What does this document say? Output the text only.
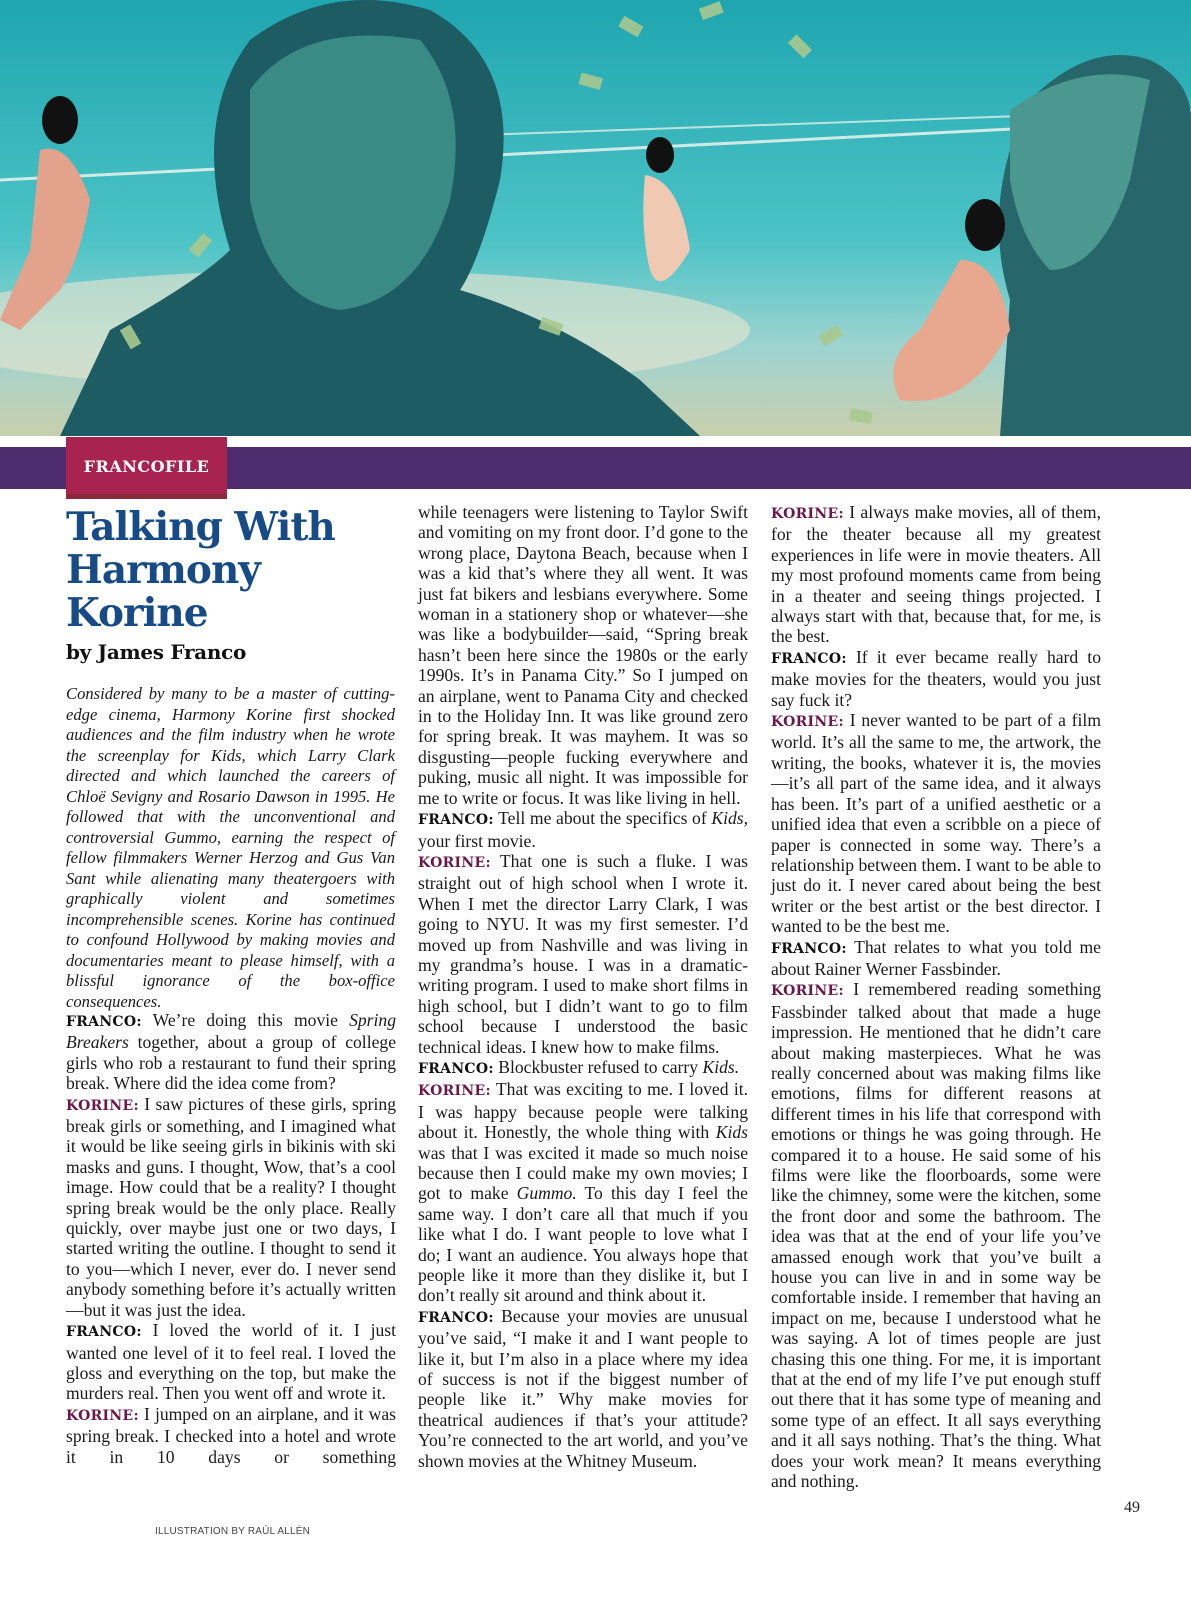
FRANCOFILE
Talking With Harmony Korine

by James Franco

Considered by many to be a master of cutting-edge cinema, Harmony Korine first shocked audiences and the film industry when he wrote the screenplay for Kids, which Larry Clark directed and which launched the careers of Chloë Sevigny and Rosario Dawson in 1995. He followed that with the unconventional and controversial Gummo, earning the respect of fellow filmmakers Werner Herzog and Gus Van Sant while alienating many theatergoers with graphically violent and sometimes incomprehensible scenes. Korine has continued to confound Hollywood by making movies and documentaries meant to please himself, with a blissful ignorance of the box-office consequences.

FRANCO: We’re doing this movie Spring Breakers together, about a group of college girls who rob a restaurant to fund their spring break. Where did the idea come from?

KORINE: I saw pictures of these girls, spring break girls or something, and I imagined what it would be like seeing girls in bikinis with ski masks and guns. I thought, Wow, that’s a cool image. How could that be a reality? I thought spring break would be the only place. Really quickly, over maybe just one or two days, I started writing the outline. I thought to send it to you—which I never, ever do. I never send anybody something before it’s actually written—but it was just the idea.

FRANCO: I loved the world of it. I just wanted one level of it to feel real. I loved the gloss and everything on the top, but make the murders real. Then you went off and wrote it.

KORINE: I jumped on an airplane, and it was spring break. I checked into a hotel and wrote it in 10 days or something

while teenagers were listening to Taylor Swift and vomiting on my front door. I’d gone to the wrong place, Daytona Beach, because when I was a kid that’s where they all went. It was just fat bikers and lesbians everywhere. Some woman in a stationery shop or whatever—she was like a bodybuilder—said, “Spring break hasn’t been here since the 1980s or the early 1990s. It’s in Panama City.” So I jumped on an airplane, went to Panama City and checked in to the Holiday Inn. It was like ground zero for spring break. It was mayhem. It was so disgusting—people fucking everywhere and puking, music all night. It was impossible for me to write or focus. It was like living in hell.

FRANCO: Tell me about the specifics of Kids, your first movie.

KORINE: That one is such a fluke. I was straight out of high school when I wrote it. When I met the director Larry Clark, I was going to NYU. It was my first semester. I’d moved up from Nashville and was living in my grandma’s house. I was in a dramatic-writing program. I used to make short films in high school, but I didn’t want to go to film school because I understood the basic technical ideas. I knew how to make films.

FRANCO: Blockbuster refused to carry Kids.

KORINE: That was exciting to me. I loved it. I was happy because people were talking about it. Honestly, the whole thing with Kids was that I was excited it made so much noise because then I could make my own movies; I got to make Gummo. To this day I feel the same way. I don’t care all that much if you like what I do. I want people to love what I do; I want an audience. You always hope that people like it more than they dislike it, but I don’t really sit around and think about it.

FRANCO: Because your movies are unusual you’ve said, “I make it and I want people to like it, but I’m also in a place where my idea of success is not if the biggest number of people like it.” Why make movies for theatrical audiences if that’s your attitude? You’re connected to the art world, and you’ve shown movies at the Whitney Museum.

KORINE: I always make movies, all of them, for the theater because all my greatest experiences in life were in movie theaters. All my most profound moments came from being in a theater and seeing things projected. I always start with that, because that, for me, is the best.

FRANCO: If it ever became really hard to make movies for the theaters, would you just say fuck it?

KORINE: I never wanted to be part of a film world. It’s all the same to me, the artwork, the writing, the books, whatever it is, the movies—it’s all part of the same idea, and it always has been. It’s part of a unified aesthetic or a unified idea that even a scribble on a piece of paper is connected in some way. There’s a relationship between them. I want to be able to just do it. I never cared about being the best writer or the best artist or the best director. I wanted to be the best me.

FRANCO: That relates to what you told me about Rainer Werner Fassbinder.

KORINE: I remembered reading something Fassbinder talked about that made a huge impression. He mentioned that he didn’t care about making masterpieces. What he was really concerned about was making films like emotions, films for different reasons at different times in his life that correspond with emotions or things he was going through. He compared it to a house. He said some of his films were like the floorboards, some were like the chimney, some were the kitchen, some the front door and some the bathroom. The idea was that at the end of your life you’ve amassed enough work that you’ve built a house you can live in and in some way be comfortable inside. I remember that having an impact on me, because I understood what he was saying. A lot of times people are just chasing this one thing. For me, it is important that at the end of my life I’ve put enough stuff out there that it has some type of meaning and some type of an effect. It all says everything and it all says nothing. That’s the thing. What does your work mean? It means everything and nothing.

49
ILLUSTRATION BY RAÚL ALLÉN
